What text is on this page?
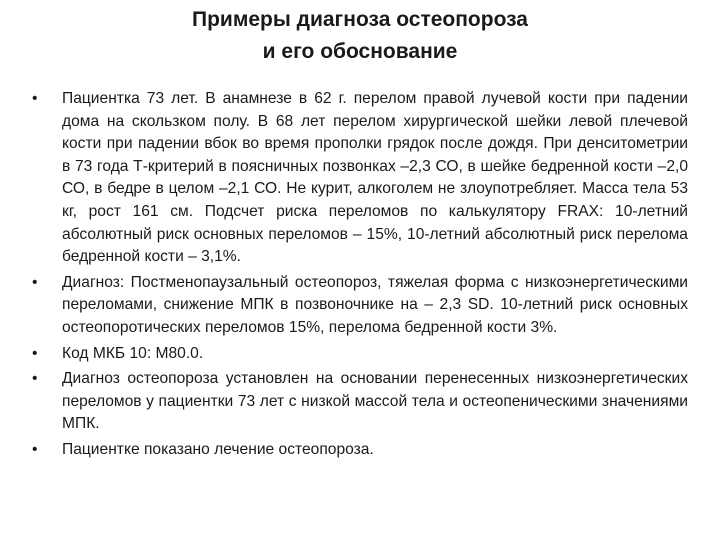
Примеры диагноза остеопороза
и его обоснование
• Пациентка 73 лет. В анамнезе в 62 г. перелом правой лучевой кости при падении дома на скользком полу. В 68 лет перелом хирургической шейки левой плечевой кости при падении вбок во время прополки грядок после дождя. При денситометрии в 73 года Т-критерий в поясничных позвонках –2,3 СО, в шейке бедренной кости –2,0 СО, в бедре в целом –2,1 СО. Не курит, алкоголем не злоупотребляет. Масса тела 53 кг, рост 161 см. Подсчет риска переломов по калькулятору FRAX: 10-летний абсолютный риск основных переломов – 15%, 10-летний абсолютный риск перелома бедренной кости – 3,1%.
• Диагноз: Постменопаузальный остеопороз, тяжелая форма с низкоэнергетическими переломами, снижение МПК в позвоночнике на – 2,3 SD. 10-летний риск основных остеопоротических переломов 15%, перелома бедренной кости 3%.
• Код МКБ 10: М80.0.
• Диагноз остеопороза установлен на основании перенесенных низкоэнергетических переломов у пациентки 73 лет с низкой массой тела и остеопеническими значениями МПК.
• Пациентке показано лечение остеопороза.
